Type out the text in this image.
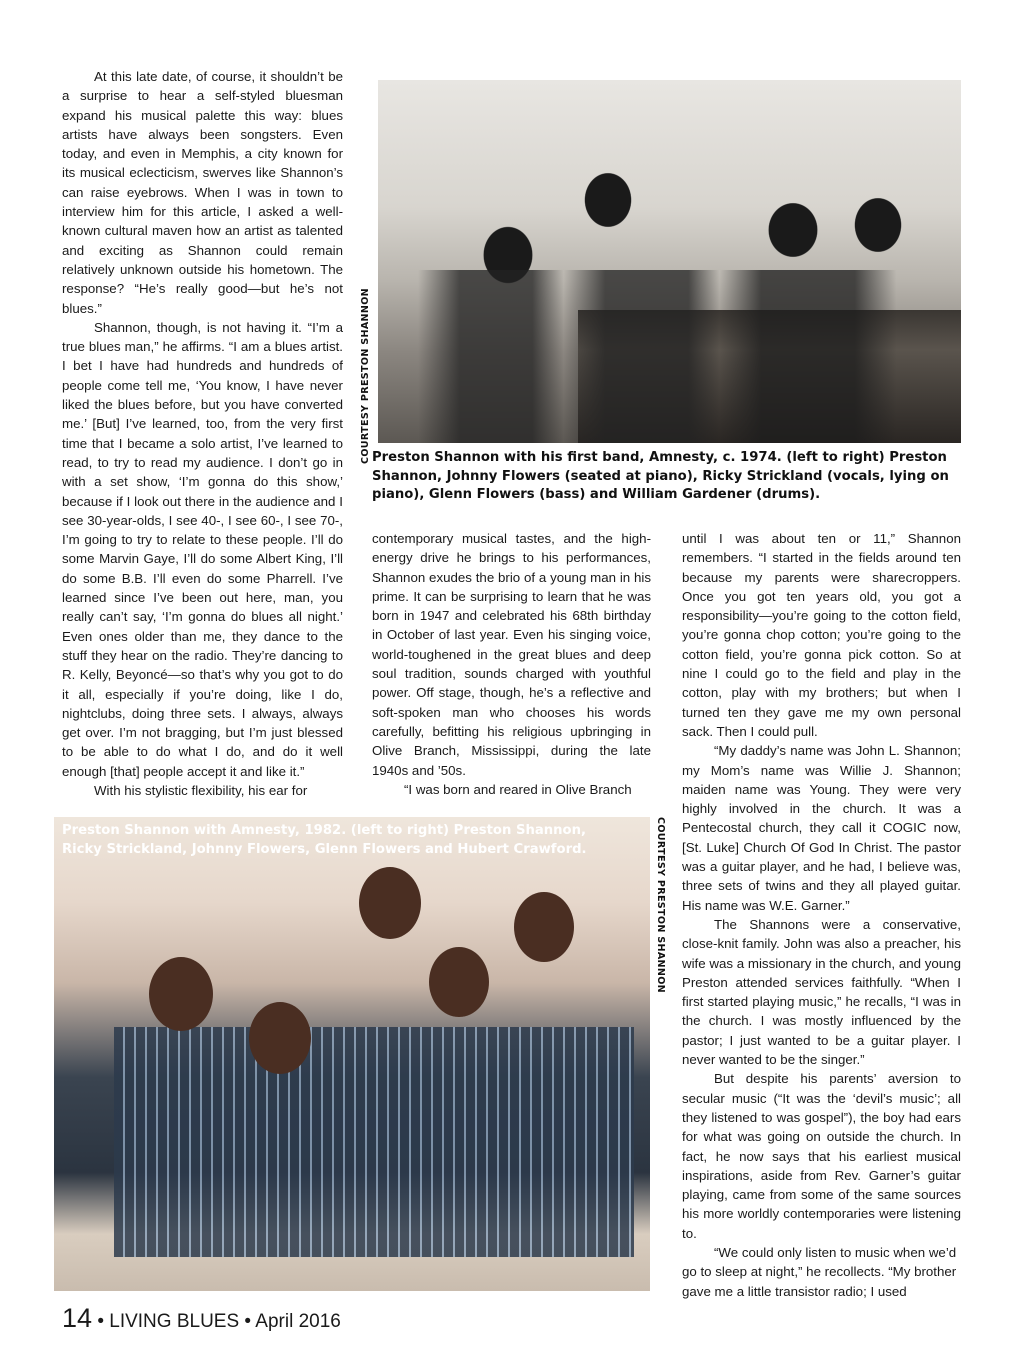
At this late date, of course, it shouldn’t be a surprise to hear a self-styled bluesman expand his musical palette this way: blues artists have always been songsters. Even today, and even in Memphis, a city known for its musical eclecticism, swerves like Shannon’s can raise eyebrows. When I was in town to interview him for this article, I asked a well-known cultural maven how an artist as talented and exciting as Shannon could remain relatively unknown outside his hometown. The response? “He’s really good—but he’s not blues.”

Shannon, though, is not having it. “I’m a true blues man,” he affirms. “I am a blues artist. I bet I have had hundreds and hundreds of people come tell me, ‘You know, I have never liked the blues before, but you have converted me.’ [But] I’ve learned, too, from the very first time that I became a solo artist, I’ve learned to read, to try to read my audience. I don’t go in with a set show, ‘I’m gonna do this show,’ because if I look out there in the audience and I see 30-year-olds, I see 40-, I see 60-, I see 70-, I’m going to try to relate to these people. I’ll do some Marvin Gaye, I’ll do some Albert King, I’ll do some B.B. I’ll even do some Pharrell. I’ve learned since I’ve been out here, man, you really can’t say, ‘I’m gonna do blues all night.’ Even ones older than me, they dance to the stuff they hear on the radio. They’re dancing to R. Kelly, Beyoncé—so that’s why you got to do it all, especially if you’re doing, like I do, nightclubs, doing three sets. I always, always get over. I’m not bragging, but I’m just blessed to be able to do what I do, and do it well enough [that] people accept it and like it.”

With his stylistic flexibility, his ear for

COURTESY PRESTON SHANNON Preston Shannon with his first band, Amnesty, c. 1974. (left to right) Preston Shannon, Johnny Flowers (seated at piano), Ricky Strickland (vocals, lying on piano), Glenn Flowers (bass) and William Gardener (drums).

contemporary musical tastes, and the high-energy drive he brings to his performances, Shannon exudes the brio of a young man in his prime. It can be surprising to learn that he was born in 1947 and celebrated his 68th birthday in October of last year. Even his singing voice, world-toughened in the great blues and deep soul tradition, sounds charged with youthful power. Off stage, though, he’s a reflective and soft-spoken man who chooses his words carefully, befitting his religious upbringing in Olive Branch, Mississippi, during the late 1940s and ’50s.

“I was born and reared in Olive Branch

until I was about ten or 11,” Shannon remembers. “I started in the fields around ten because my parents were sharecroppers. Once you got ten years old, you got a responsibility—you’re going to the cotton field, you’re gonna chop cotton; you’re going to the cotton field, you’re gonna pick cotton. So at nine I could go to the field and play in the cotton, play with my brothers; but when I turned ten they gave me my own personal sack. Then I could pull.

“My daddy’s name was John L. Shannon; my Mom’s name was Willie J. Shannon; maiden name was Young. They were very highly involved in the church. It was a Pentecostal church, they call it COGIC now, [St. Luke] Church Of God In Christ. The pastor was a guitar player, and he had, I believe was, three sets of twins and they all played guitar. His name was W.E. Garner.”

The Shannons were a conservative, close-knit family. John was also a preacher, his wife was a missionary in the church, and young Preston attended services faithfully. “When I first started playing music,” he recalls, “I was in the church. I was mostly influenced by the pastor; I just wanted to be a guitar player. I never wanted to be the singer.”

But despite his parents’ aversion to secular music (“It was the ‘devil’s music’; all they listened to was gospel”), the boy had ears for what was going on outside the church. In fact, he now says that his earliest musical inspirations, aside from Rev. Garner’s guitar playing, came from some of the same sources his more worldly contemporaries were listening to.

“We could only listen to music when we’d go to sleep at night,” he recollects. “My brother gave me a little transistor radio; I used

Preston Shannon with Amnesty, 1982. (left to right) Preston Shannon, Ricky Strickland, Johnny Flowers, Glenn Flowers and Hubert Crawford.	COURTESY PRESTON SHANNON
14 • LIVING BLUES • April 2016
